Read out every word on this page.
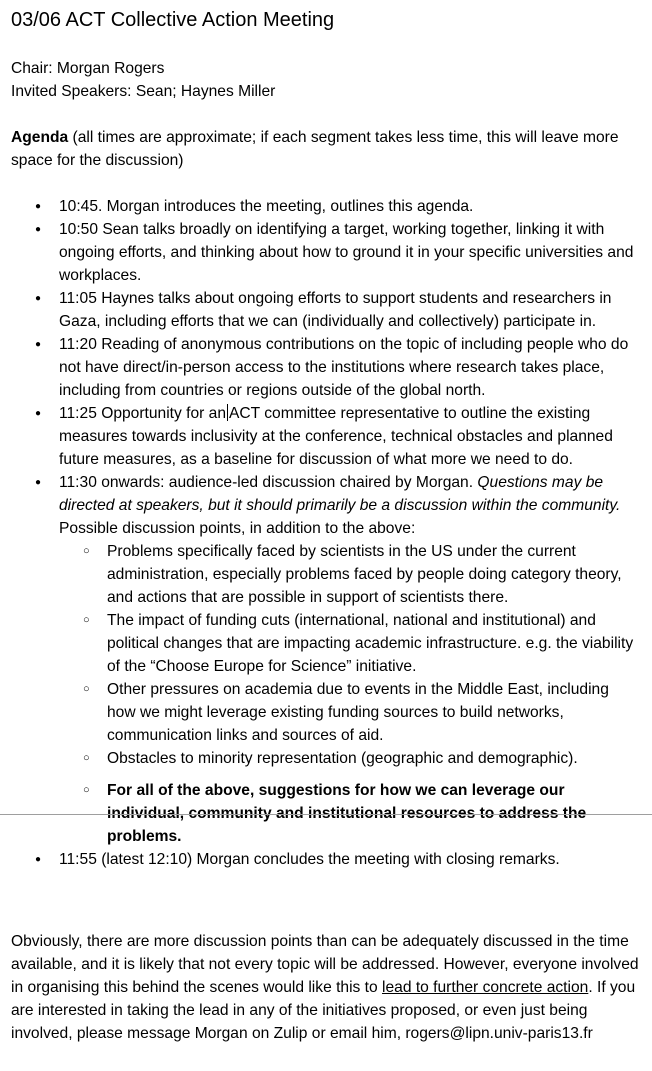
03/06 ACT Collective Action Meeting
Chair: Morgan Rogers
Invited Speakers: Sean; Haynes Miller
Agenda (all times are approximate; if each segment takes less time, this will leave more space for the discussion)
● 10:45. Morgan introduces the meeting, outlines this agenda.
● 10:50 Sean talks broadly on identifying a target, working together, linking it with ongoing efforts, and thinking about how to ground it in your specific universities and workplaces.
● 11:05 Haynes talks about ongoing efforts to support students and researchers in Gaza, including efforts that we can (individually and collectively) participate in.
● 11:20 Reading of anonymous contributions on the topic of including people who do not have direct/in-person access to the institutions where research takes place, including from countries or regions outside of the global north.
● 11:25 Opportunity for an ACT committee representative to outline the existing measures towards inclusivity at the conference, technical obstacles and planned future measures, as a baseline for discussion of what more we need to do.
● 11:30 onwards: audience-led discussion chaired by Morgan. Questions may be directed at speakers, but it should primarily be a discussion within the community. Possible discussion points, in addition to the above:
○ Problems specifically faced by scientists in the US under the current administration, especially problems faced by people doing category theory, and actions that are possible in support of scientists there.
○ The impact of funding cuts (international, national and institutional) and political changes that are impacting academic infrastructure. e.g. the viability of the “Choose Europe for Science” initiative.
○ Other pressures on academia due to events in the Middle East, including how we might leverage existing funding sources to build networks, communication links and sources of aid.
○ Obstacles to minority representation (geographic and demographic).
○ For all of the above, suggestions for how we can leverage our individual, community and institutional resources to address the problems.
● 11:55 (latest 12:10) Morgan concludes the meeting with closing remarks.
Obviously, there are more discussion points than can be adequately discussed in the time available, and it is likely that not every topic will be addressed. However, everyone involved in organising this behind the scenes would like this to lead to further concrete action. If you are interested in taking the lead in any of the initiatives proposed, or even just being involved, please message Morgan on Zulip or email him, rogers@lipn.univ-paris13.fr
